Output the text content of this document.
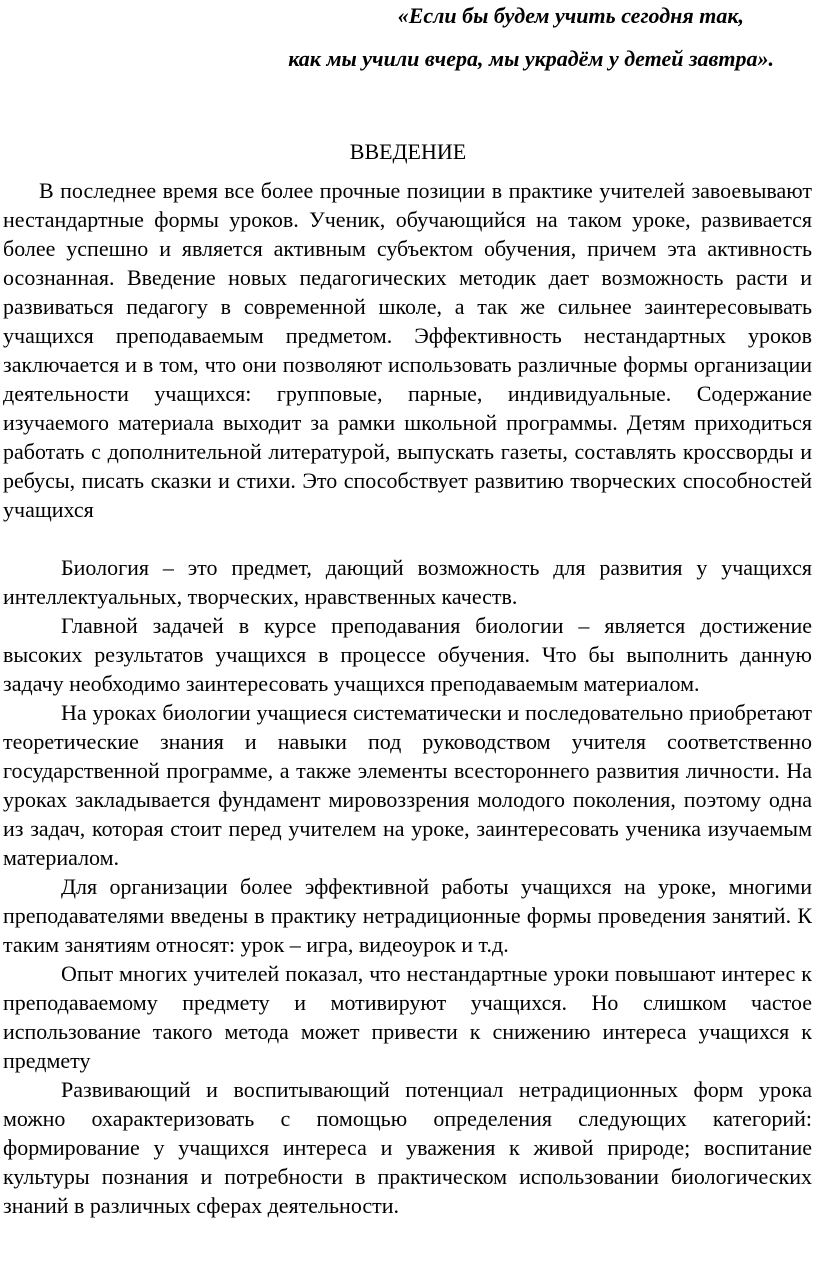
«Если бы будем учить сегодня так,

как мы учили вчера, мы украдём у детей завтра».

ВВЕДЕНИЕ

В последнее время все более прочные позиции в практике учителей завоевывают нестандартные формы уроков. Ученик, обучающийся на таком уроке, развивается более успешно и является активным субъектом обучения, причем эта активность осознанная. Введение новых педагогических методик дает возможность расти и развиваться педагогу в современной школе, а так же сильнее заинтересовывать учащихся преподаваемым предметом. Эффективность нестандартных уроков заключается и в том, что они позволяют использовать различные формы организации деятельности учащихся: групповые, парные, индивидуальные. Содержание изучаемого материала выходит за рамки школьной программы. Детям приходиться работать с дополнительной литературой, выпускать газеты, составлять кроссворды и ребусы, писать сказки и стихи. Это способствует развитию творческих способностей учащихся

Биология – это предмет, дающий возможность для развития у учащихся интеллектуальных, творческих, нравственных качеств.

Главной задачей в курсе преподавания биологии – является достижение высоких результатов учащихся в процессе обучения. Что бы выполнить данную задачу необходимо заинтересовать учащихся преподаваемым материалом.

На уроках биологии учащиеся систематически и последовательно приобретают теоретические знания и навыки под руководством учителя соответственно государственной программе, а также элементы всестороннего развития личности. На уроках закладывается фундамент мировоззрения молодого поколения, поэтому одна из задач, которая стоит перед учителем на уроке, заинтересовать ученика изучаемым материалом.

Для организации более эффективной работы учащихся на уроке, многими преподавателями введены в практику нетрадиционные формы проведения занятий. К таким занятиям относят: урок – игра, видеоурок и т.д.

Опыт многих учителей показал, что нестандартные уроки повышают интерес к преподаваемому предмету и мотивируют учащихся. Но слишком частое использование такого метода может привести к снижению интереса учащихся к предмету

Развивающий и воспитывающий потенциал нетрадиционных форм урока можно охарактеризовать с помощью определения следующих категорий: формирование у учащихся интереса и уважения к живой природе; воспитание культуры познания и потребности в практическом использовании биологических знаний в различных сферах деятельности.
